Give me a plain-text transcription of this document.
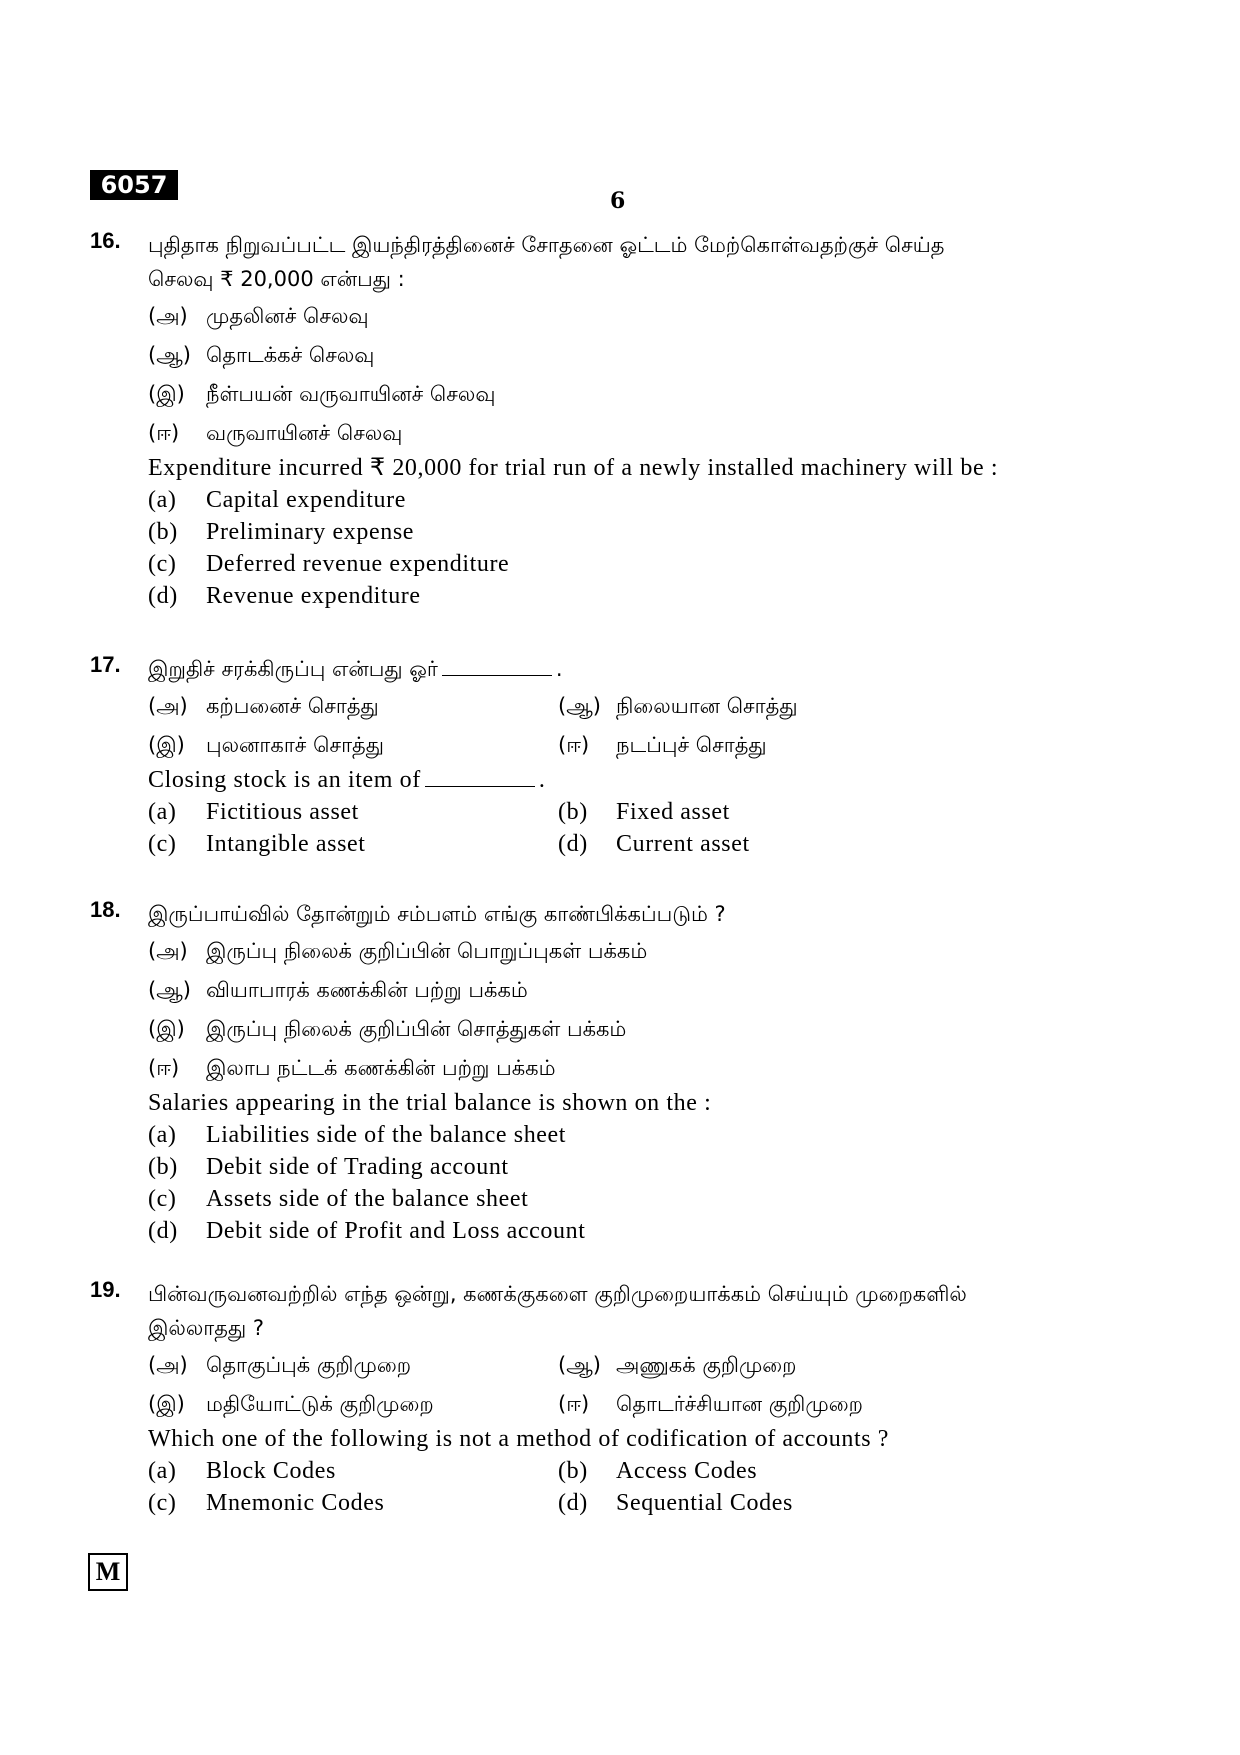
6057
6
16. புதிதாக நிறுவப்பட்ட இயந்திரத்தினைச் சோதனை ஓட்டம் மேற்கொள்வதற்குச் செய்த
செலவு ₹ 20,000 என்பது :
(அ) முதலினச் செலவு
(ஆ) தொடக்கச் செலவு
(இ)	நீள்பயன் வருவாயினச் செலவு
(ஈ)	வருவாயினச் செலவு
Expenditure incurred ₹ 20,000 for trial run of a newly installed machinery will be :
(a)	Capital expenditure
(b)	Preliminary expense
(c)	Deferred revenue expenditure
(d)	Revenue expenditure
17. இறுதிச் சரக்கிருப்பு என்பது ஓர்	.
(அ) கற்பனைச் சொத்து	(ஆ) நிலையான சொத்து
(இ)	புலனாகாச் சொத்து	(ஈ)	நடப்புச் சொத்து
Closing stock is an item of	.
(a)	Fictitious asset	(b)	Fixed asset
(c)	Intangible asset	(d)	Current asset
18. இருப்பாய்வில் தோன்றும் சம்பளம் எங்கு காண்பிக்கப்படும் ?
(அ) இருப்பு நிலைக் குறிப்பின் பொறுப்புகள் பக்கம்
(ஆ) வியாபாரக் கணக்கின் பற்று பக்கம்
(இ)	இருப்பு நிலைக் குறிப்பின் சொத்துகள் பக்கம்
(ஈ)	இலாப நட்டக் கணக்கின் பற்று பக்கம்
Salaries appearing in the trial balance is shown on the :
(a)	Liabilities side of the balance sheet
(b)	Debit side of Trading account
(c)	Assets side of the balance sheet
(d)	Debit side of Profit and Loss account
19. பின்வருவனவற்றில் எந்த ஒன்று, கணக்குகளை குறிமுறையாக்கம் செய்யும் முறைகளில்
இல்லாதது ?
(அ) தொகுப்புக் குறிமுறை	(ஆ) அணுகக் குறிமுறை
(இ)	மதியோட்டுக் குறிமுறை	(ஈ)	தொடர்ச்சியான குறிமுறை
Which one of the following is not a method of codification of accounts ?
(a)	Block Codes	(b)	Access Codes
(c)	Mnemonic Codes	(d)	Sequential Codes
M
